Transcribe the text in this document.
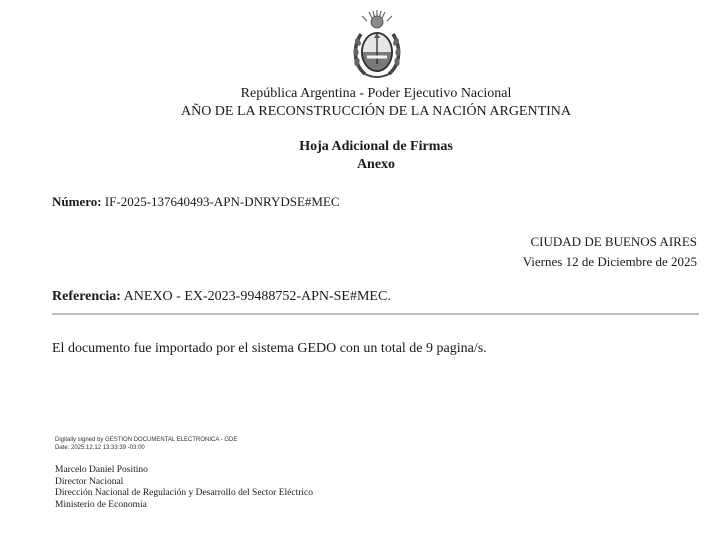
República Argentina - Poder Ejecutivo Nacional
AÑO DE LA RECONSTRUCCIÓN DE LA NACIÓN ARGENTINA
Hoja Adicional de Firmas
Anexo
Número: IF-2025-137640493-APN-DNRYDSE#MEC
CIUDAD DE BUENOS AIRES
Viernes 12 de Diciembre de 2025
Referencia: ANEXO - EX-2023-99488752-APN-SE#MEC.
El documento fue importado por el sistema GEDO con un total de 9 pagina/s.
Digitally signed by GESTION DOCUMENTAL ELECTRONICA - GDE
Date: 2025.12.12 13:33:39 -03:00
Marcelo Daniel Positino
Director Nacional
Dirección Nacional de Regulación y Desarrollo del Sector Eléctrico
Ministerio de Economía
